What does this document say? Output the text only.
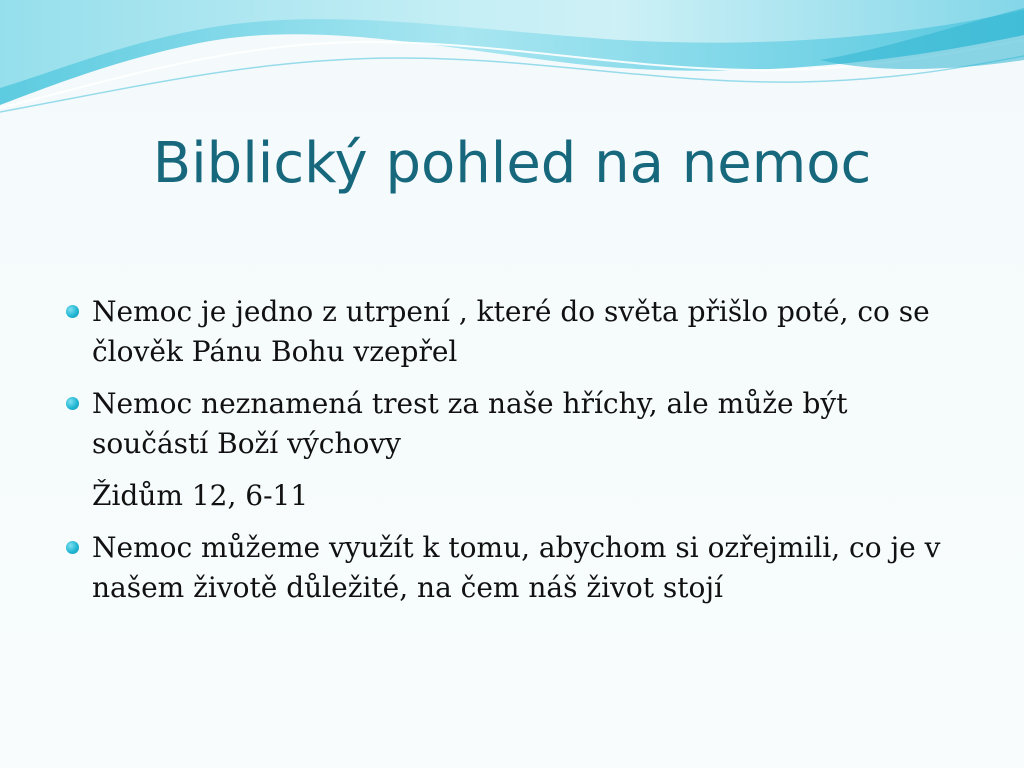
Biblický pohled na nemoc
Nemoc je jedno z utrpení , které do světa přišlo poté, co se člověk Pánu Bohu vzepřel
Nemoc neznamená trest za naše hříchy, ale může být součástí Boží výchovy
Židům 12, 6-11
Nemoc můžeme využít k tomu, abychom si ozřejmili, co je v našem životě důležité, na čem náš život stojí
